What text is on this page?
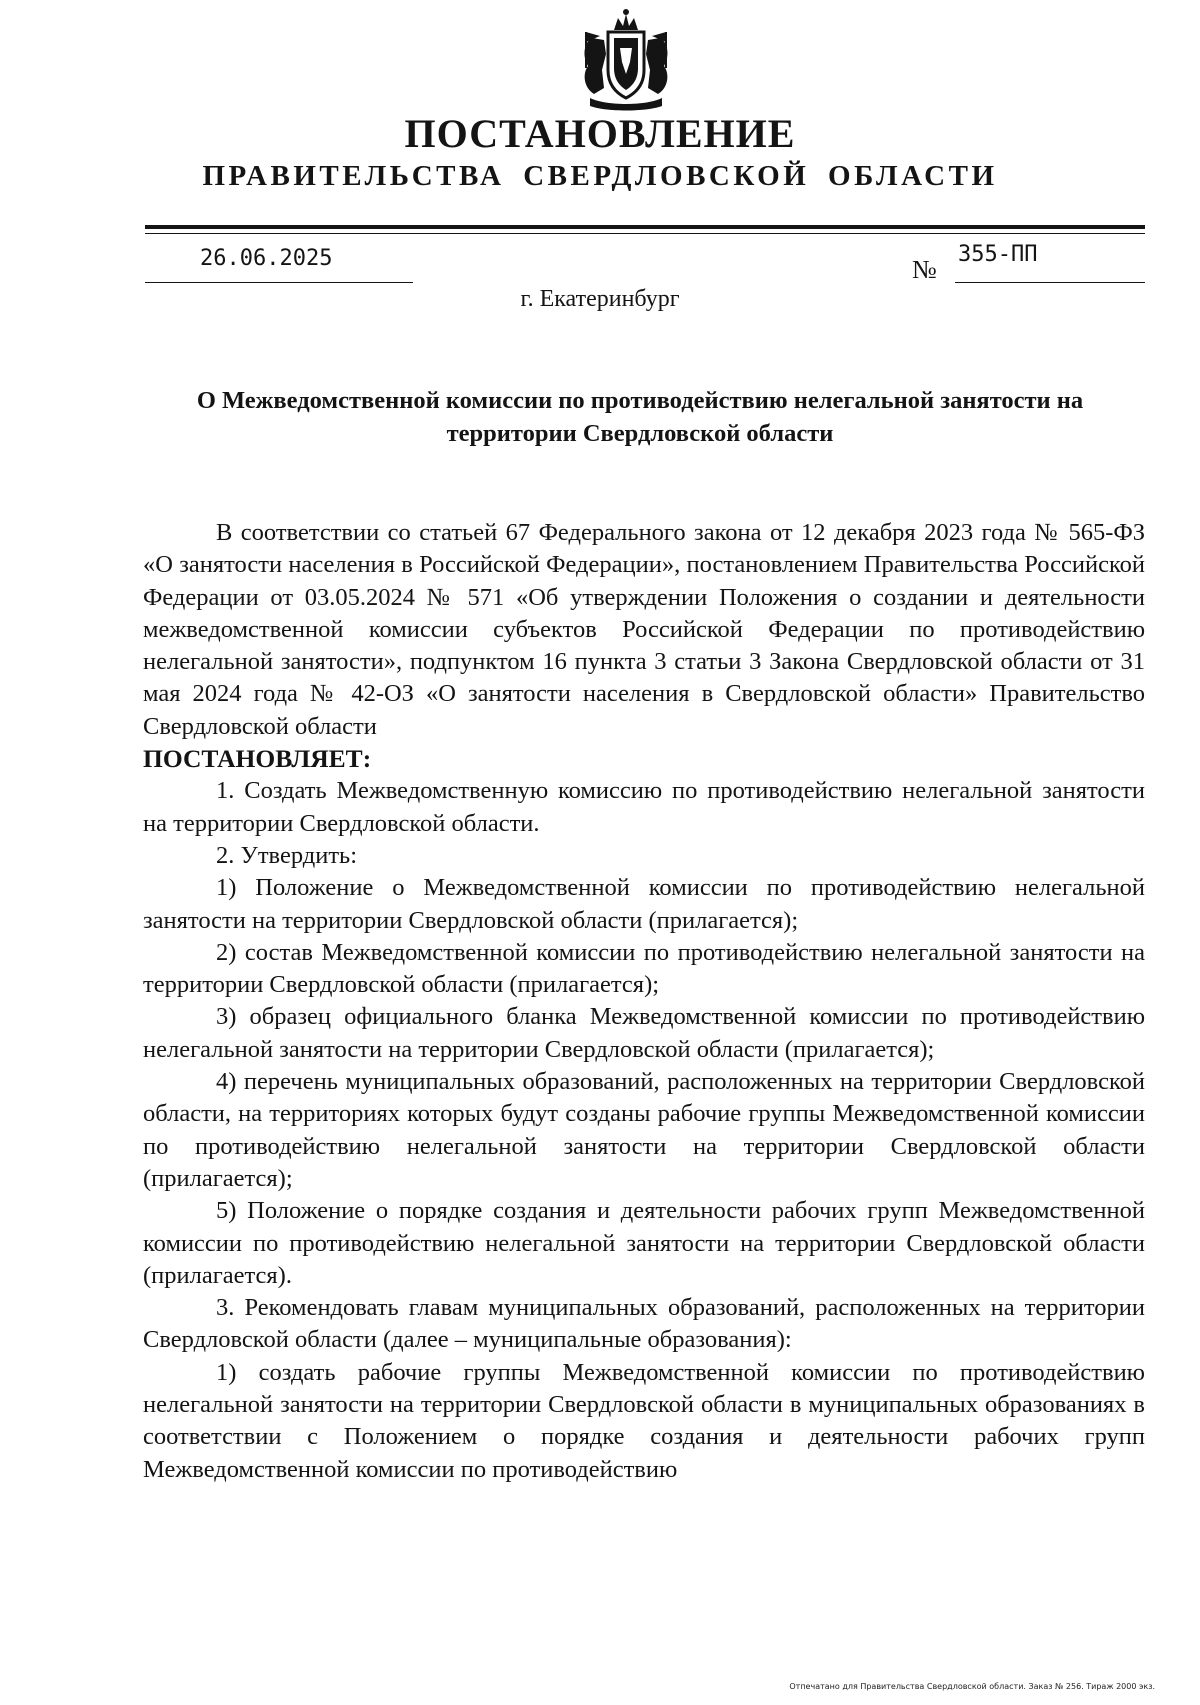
ПОСТАНОВЛЕНИЕ
ПРАВИТЕЛЬСТВА СВЕРДЛОВСКОЙ ОБЛАСТИ
26.06.2025	№
355-ПП
г. Екатеринбург
О Межведомственной комиссии по противодействию нелегальной занятости на территории Свердловской области

В соответствии со статьей 67 Федерального закона от 12 декабря 2023 года № 565-ФЗ «О занятости населения в Российской Федерации», постановлением Правительства Российской Федерации от 03.05.2024 № 571 «Об утверждении Положения о создании и деятельности межведомственной комиссии субъектов Российской Федерации по противодействию нелегальной занятости», подпунктом 16 пункта 3 статьи 3 Закона Свердловской области от 31 мая 2024 года № 42-ОЗ «О занятости населения в Свердловской области» Правительство Свердловской области

ПОСТАНОВЛЯЕТ:

1. Создать Межведомственную комиссию по противодействию нелегальной занятости на территории Свердловской области.

2. Утвердить:

1) Положение о Межведомственной комиссии по противодействию нелегальной занятости на территории Свердловской области (прилагается);

2) состав Межведомственной комиссии по противодействию нелегальной занятости на территории Свердловской области (прилагается);

3) образец официального бланка Межведомственной комиссии по противодействию нелегальной занятости на территории Свердловской области (прилагается);

4) перечень муниципальных образований, расположенных на территории Свердловской области, на территориях которых будут созданы рабочие группы Межведомственной комиссии по противодействию нелегальной занятости на территории Свердловской области (прилагается);

5) Положение о порядке создания и деятельности рабочих групп Межведомственной комиссии по противодействию нелегальной занятости на территории Свердловской области (прилагается).

3. Рекомендовать главам муниципальных образований, расположенных на территории Свердловской области (далее – муниципальные образования):

1) создать рабочие группы Межведомственной комиссии по противодействию нелегальной занятости на территории Свердловской области в муниципальных образованиях в соответствии с Положением о порядке создания и деятельности рабочих групп Межведомственной комиссии по противодействию

Отпечатано для Правительства Свердловской области. Заказ № 256. Тираж 2000 экз.
